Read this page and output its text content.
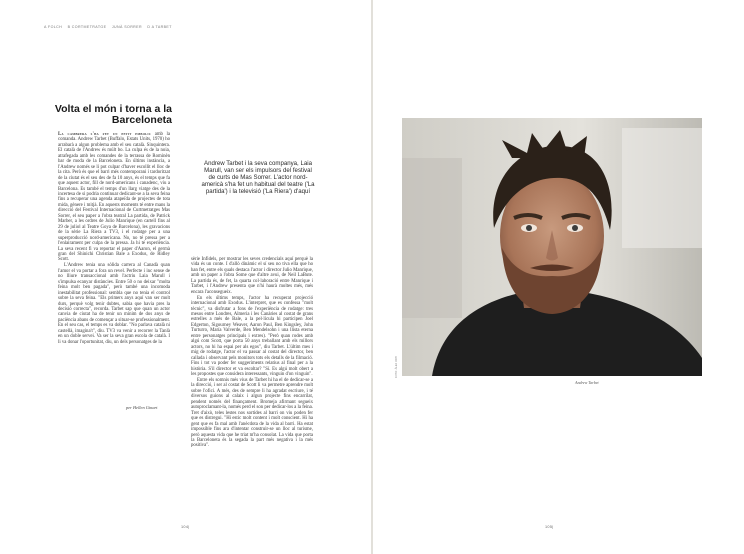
A FOLCH B CORTMETRATGE JUNÀ SORRER D A TARBET
Volta el món i torna a la Barceloneta

La cambrera s'ha fet un petit embolic amb la comanda. Andrew Tarbet (Buffalo, Estats Units, 1970) ho arrabarà a algun problema amb el seu català. Sinquintera. El català de l'Andrew és múlt bo. La culpa és de la noia, atrafegada amb les comandes de la terrassa de Rominèn bar de moda de la Barceloneta. En últims instància, a l'Andrew només se li pot culpar d'haver escollit el lloc de la cita. Però és que el barri més contemporani i tardoritzat de la ciutat és el seu des de fa 10 anys, és el temps que fa que aquest actor, fill de nord-americans i canadenc, viu a Barcelona. Es també el temps d'un llarg viatge des de la incertesa de si podria continuar dedicant-se a la seva feina fins a recuperar una agenda atapeïda de projectes de tota mida, gènere i mitjà. En aquests moments té entre mans la direcció del Festival Internacional de Curtmetratges Mas Sorrer, el seu paper a l'obra teatral La partida, de Patrick Marber, a les ordres de Julio Manrique (en cartell fins al 29 de juliol al Teatre Goya de Barcelona), les gravacions de la sèrie La Riera a TV3, i el rodatge per a una superproducció nord-americana. No, no té pressa per a l'enlairament per culpa de la pressa. Ja hi té experiència. La seva recent fi va reportar el paper d'Aaron, el germà gran del Shinichi Christian Bale a Exodus, de Ridley Scott.

L'Andrew tenia una sòlida carrera al Canadà quan l'amor el va portar a fora un revel. Perfecte i inc sense de no lliure transaccional amb l'actriu Laia Marull i s'impulsa ecanyar distàncies. Entre 50 o no deixar "molta feina molt ben pagada", però també una incomoda inestabilitat professional: sembla que no tenia el control sobre la seva feina. "Els primers anys aquí van ser molt durs, perquè volg tenir dubtes, sabia que havia pres la decisió correcta", recorda. Tarbet sap que quan un actor canvia de ciutat ha de tenir un mínim de dos anys de paciència abans de començar a situar-se professionalment. En el seu cas, el temps es va doblar. "No parlava català ni castellà, imagina't", diu. TV3 va venir a recorrer la Tanlà en un doble servei. Va ser la seva gran escola de català. I li va donar l'oportunitat, diu, un dels personatges de la

Andrew Tarbet i la seva companya, Laia Marull, van ser els impulsors del festival de curts de Mas Sorrer. L'actor nord-americà s'ha fet un habitual del teatre ('La partida') i la televisió ('La Riera') d'aquí

sèrie Infidels, per mostrar les seves credencials aquí perquè la vida és un conte. I d'allò dinàmic el sí seu no tiva ella que ho han fet, entre els quals destaca l'actor i director Julio Manrique, amb un paper a l'obra Some que d'altre avui, de Neil LaBute. La partida és, de fet, la quarta col·laboració entre Manrique i Tarbet, i l'Andrew presenta que n'hi haurà moltes més, més encara l'aconsegueix.

En els últims temps, l'actor ha recuperat projecció internacional amb Exodus. L'interpret, que es confessa "molt tècnic", va disfrutar a fons de l'experiència de rodatge: tres mesos entre Londres, Almeria i les Canàries al costat de grans estrelles a més de Bale, a la pel·lícula hi participen Joel Edgerton, Sigourney Weaver, Aaron Paul, Ben Kingsley, John Turturro, María Valverde, Ben Mendelsohn i una llista eterna entre personatges principals i extres). "Però quan rodes amb algú com Scott, que porta 50 anys treballant amb els millors actors, no hi ha espai per als egos", diu Tarbet. L'últim mes i mig de rodatge, l'actor el va passar al costat del director, ben callada i observant pels monitors tots els detalls de la filmació. Fins i tot va poder fer suggeriments relatius al final per a la història. S'il director et va escoltar? "Sí. Es algú molt obert a les propostes que considera interessants, vinguin d'on vinguin".

Entre els somnis més vius de Tarbet hi ha el de dedicar-se a la direcció, i ser al costat de Scott li va permetre aprendre molt sobre l'ofici. A més, des de sempre li ha agradat escriure, i té diversos guions al calaix i algun projecte fins encarrilat, pendent només del finançament. Bromeja afirmant segueix autoproclamant-la, només perd el son per dedicar-los a la feina. Tret d'això, teles lestes nos sortides al barri on viu poden fer que es distregui. "Hi estic molt content i molt conscient. Hi ha gent que es fa mal amb l'anècdota de la vida al barri. Ha estat impossible fins ara d'intentar construir-se un lloc al turisme, però aquesta vida que he triat m'ha consolat. La vida que porta la Barceloneta és la segada la part més negativa i la més positiva".

per Hellen Ginart
FOTO: ÀLEX ORTI
Andrew Tarbet
104|	105|
